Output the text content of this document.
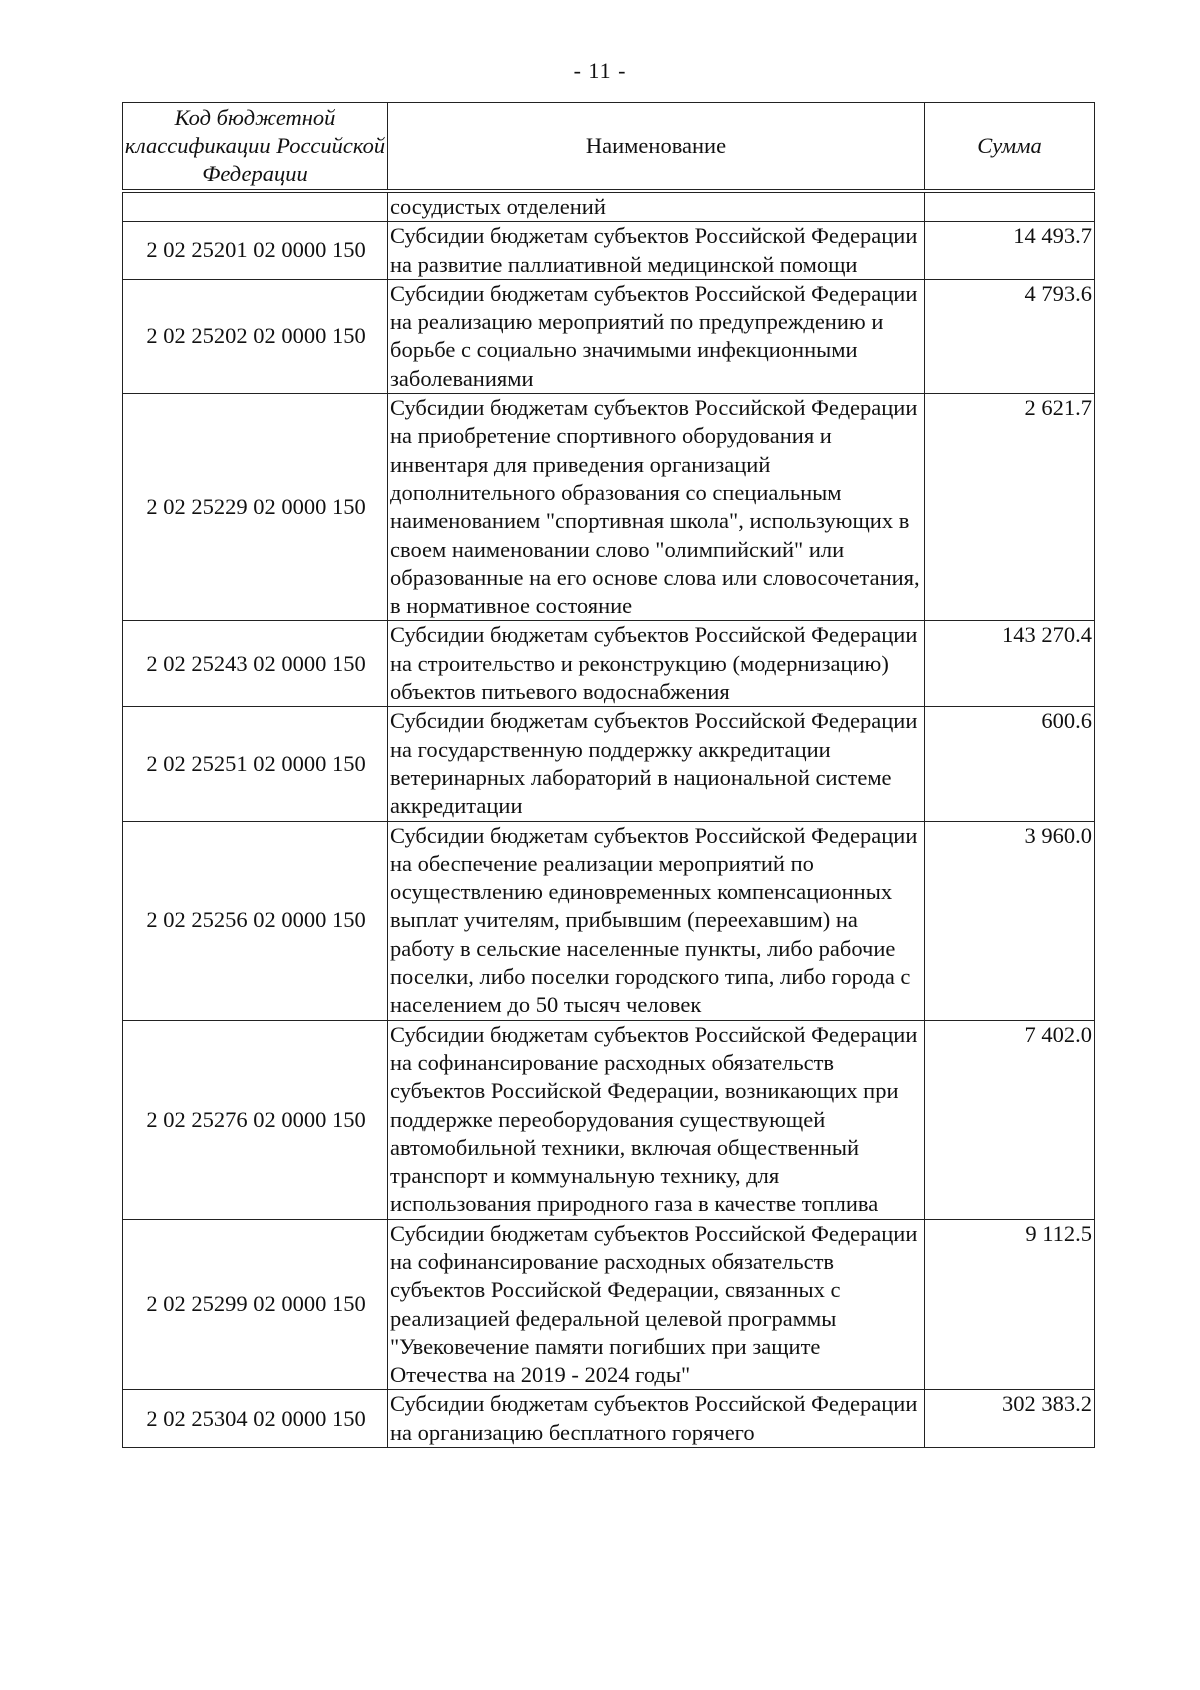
- 11 -
Код бюджетной классификации Российской Федерации	Наименование	Сумма
	сосудистых отделений	
2 02 25201 02 0000 150	Субсидии бюджетам субъектов Российской Федерации на развитие паллиативной медицинской помощи	14 493.7
2 02 25202 02 0000 150	Субсидии бюджетам субъектов Российской Федерации на реализацию мероприятий по предупреждению и борьбе с социально значимыми инфекционными заболеваниями	4 793.6
2 02 25229 02 0000 150	Субсидии бюджетам субъектов Российской Федерации на приобретение спортивного оборудования и инвентаря для приведения организаций дополнительного образования со специальным наименованием "спортивная школа", использующих в своем наименовании слово "олимпийский" или образованные на его основе слова или словосочетания, в нормативное состояние	2 621.7
2 02 25243 02 0000 150	Субсидии бюджетам субъектов Российской Федерации на строительство и реконструкцию (модернизацию) объектов питьевого водоснабжения	143 270.4
2 02 25251 02 0000 150	Субсидии бюджетам субъектов Российской Федерации на государственную поддержку аккредитации ветеринарных лабораторий в национальной системе аккредитации	600.6
2 02 25256 02 0000 150	Субсидии бюджетам субъектов Российской Федерации на обеспечение реализации мероприятий по осуществлению единовременных компенсационных выплат учителям, прибывшим (переехавшим) на работу в сельские населенные пункты, либо рабочие поселки, либо поселки городского типа, либо города с населением до 50 тысяч человек	3 960.0
2 02 25276 02 0000 150	Субсидии бюджетам субъектов Российской Федерации на софинансирование расходных обязательств субъектов Российской Федерации, возникающих при поддержке переоборудования существующей автомобильной техники, включая общественный транспорт и коммунальную технику, для использования природного газа в качестве топлива	7 402.0
2 02 25299 02 0000 150	Субсидии бюджетам субъектов Российской Федерации на софинансирование расходных обязательств субъектов Российской Федерации, связанных с реализацией федеральной целевой программы "Увековечение памяти погибших при защите Отечества на 2019 - 2024 годы"	9 112.5
2 02 25304 02 0000 150	Субсидии бюджетам субъектов Российской Федерации на организацию бесплатного горячего	302 383.2
